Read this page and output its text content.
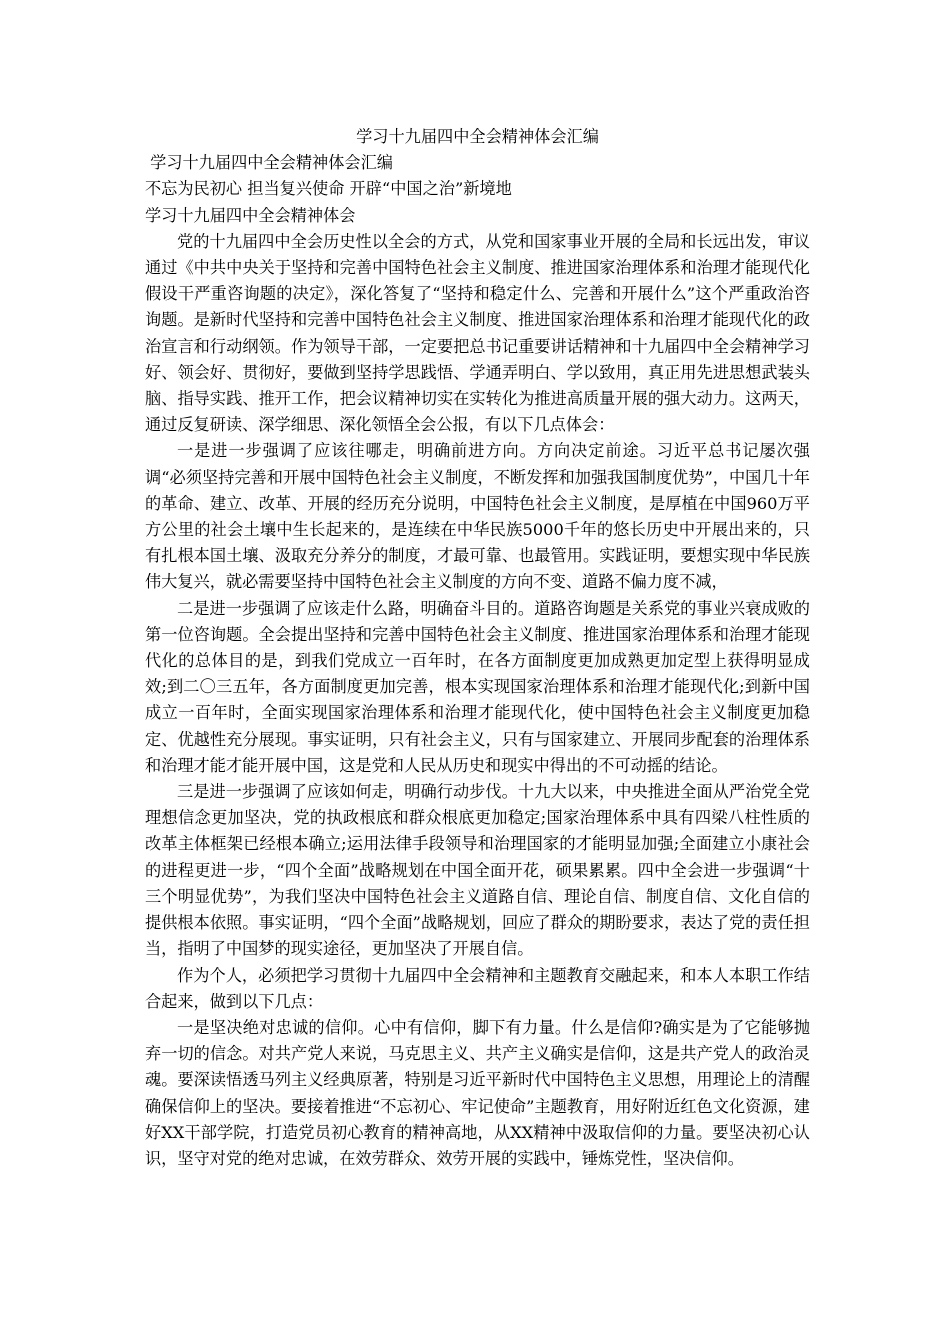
学习十九届四中全会精神体会汇编

学习十九届四中全会精神体会汇编

不忘为民初心 担当复兴使命 开辟“中国之治”新境地

学习十九届四中全会精神体会

党的十九届四中全会历史性以全会的方式，从党和国家事业开展的全局和长远出发，审议通过《中共中央关于坚持和完善中国特色社会主义制度、推进国家治理体系和治理才能现代化假设干严重咨询题的决定》，深化答复了“坚持和稳定什么、完善和开展什么”这个严重政治咨询题。是新时代坚持和完善中国特色社会主义制度、推进国家治理体系和治理才能现代化的政治宣言和行动纲领。作为领导干部，一定要把总书记重要讲话精神和十九届四中全会精神学习好、领会好、贯彻好，要做到坚持学思践悟、学通弄明白、学以致用，真正用先进思想武装头脑、指导实践、推开工作，把会议精神切实在实转化为推进高质量开展的强大动力。这两天，通过反复研读、深学细思、深化领悟全会公报，有以下几点体会：

一是进一步强调了应该往哪走，明确前进方向。方向决定前途。习近平总书记屡次强调“必须坚持完善和开展中国特色社会主义制度，不断发挥和加强我国制度优势”，中国几十年的革命、建立、改革、开展的经历充分说明，中国特色社会主义制度，是厚植在中国960万平方公里的社会土壤中生长起来的，是连续在中华民族5000千年的悠长历史中开展出来的，只有扎根本国土壤、汲取充分养分的制度，才最可靠、也最管用。实践证明，要想实现中华民族伟大复兴，就必需要坚持中国特色社会主义制度的方向不变、道路不偏力度不减，

二是进一步强调了应该走什么路，明确奋斗目的。道路咨询题是关系党的事业兴衰成败的第一位咨询题。全会提出坚持和完善中国特色社会主义制度、推进国家治理体系和治理才能现代化的总体目的是，到我们党成立一百年时，在各方面制度更加成熟更加定型上获得明显成效;到二〇三五年，各方面制度更加完善，根本实现国家治理体系和治理才能现代化;到新中国成立一百年时，全面实现国家治理体系和治理才能现代化，使中国特色社会主义制度更加稳定、优越性充分展现。事实证明，只有社会主义，只有与国家建立、开展同步配套的治理体系和治理才能才能开展中国，这是党和人民从历史和现实中得出的不可动摇的结论。

三是进一步强调了应该如何走，明确行动步伐。十九大以来，中央推进全面从严治党全党理想信念更加坚决，党的执政根底和群众根底更加稳定;国家治理体系中具有四梁八柱性质的改革主体框架已经根本确立;运用法律手段领导和治理国家的才能明显加强;全面建立小康社会的进程更进一步，“四个全面”战略规划在中国全面开花，硕果累累。四中全会进一步强调“十三个明显优势”，为我们坚决中国特色社会主义道路自信、理论自信、制度自信、文化自信的提供根本依照。事实证明，“四个全面”战略规划，回应了群众的期盼要求，表达了党的责任担当，指明了中国梦的现实途径，更加坚决了开展自信。

作为个人，必须把学习贯彻十九届四中全会精神和主题教育交融起来，和本人本职工作结合起来，做到以下几点：

一是坚决绝对忠诚的信仰。心中有信仰，脚下有力量。什么是信仰?确实是为了它能够抛弃一切的信念。对共产党人来说，马克思主义、共产主义确实是信仰，这是共产党人的政治灵魂。要深读悟透马列主义经典原著，特别是习近平新时代中国特色主义思想，用理论上的清醒确保信仰上的坚决。要接着推进“不忘初心、牢记使命”主题教育，用好附近红色文化资源，建好XX干部学院，打造党员初心教育的精神高地，从XX精神中汲取信仰的力量。要坚决初心认识，坚守对党的绝对忠诚，在效劳群众、效劳开展的实践中，锤炼党性，坚决信仰。
